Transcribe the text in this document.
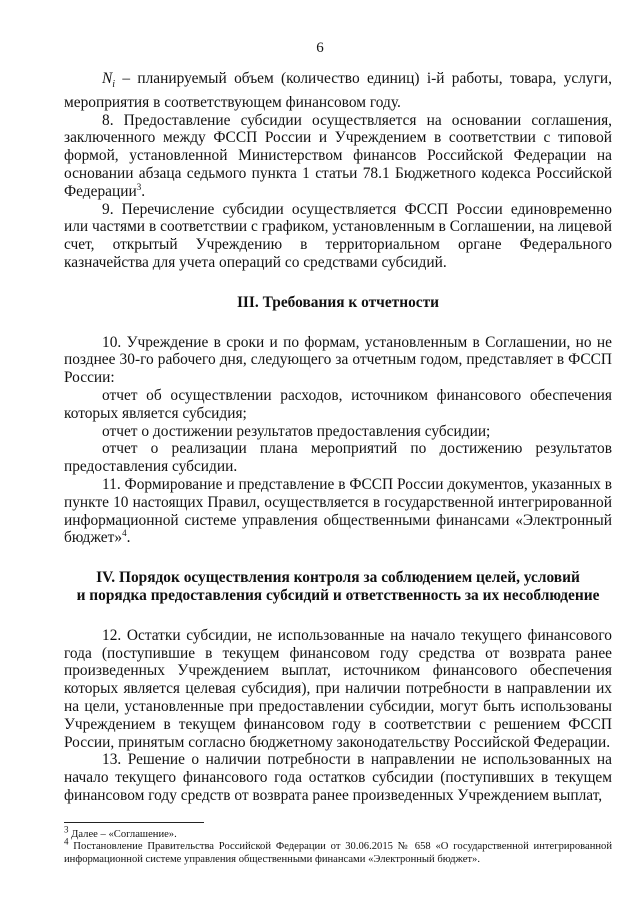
6

$N_i$ – планируемый объем (количество единиц) i-й работы, товара, услуги, мероприятия в соответствующем финансовом году.

8. Предоставление субсидии осуществляется на основании соглашения, заключенного между ФССП России и Учреждением в соответствии с типовой формой, установленной Министерством финансов Российской Федерации на основании абзаца седьмого пункта 1 статьи 78.1 Бюджетного кодекса Российской Федерации$^3$.

9. Перечисление субсидии осуществляется ФССП России единовременно или частями в соответствии с графиком, установленным в Соглашении, на лицевой счет, открытый Учреждению в территориальном органе Федерального казначейства для учета операций со средствами субсидий.

III. Требования к отчетности

10. Учреждение в сроки и по формам, установленным в Соглашении, но не позднее 30-го рабочего дня, следующего за отчетным годом, представляет в ФССП России:

отчет об осуществлении расходов, источником финансового обеспечения которых является субсидия;

отчет о достижении результатов предоставления субсидии;

отчет о реализации плана мероприятий по достижению результатов предоставления субсидии.

11. Формирование и представление в ФССП России документов, указанных в пункте 10 настоящих Правил, осуществляется в государственной интегрированной информационной системе управления общественными финансами «Электронный бюджет»$^4$.

IV. Порядок осуществления контроля за соблюдением целей, условий
и порядка предоставления субсидий и ответственность за их несоблюдение

12. Остатки субсидии, не использованные на начало текущего финансового года (поступившие в текущем финансовом году средства от возврата ранее произведенных Учреждением выплат, источником финансового обеспечения которых является целевая субсидия), при наличии потребности в направлении их на цели, установленные при предоставлении субсидии, могут быть использованы Учреждением в текущем финансовом году в соответствии с решением ФССП России, принятым согласно бюджетному законодательству Российской Федерации.

13. Решение о наличии потребности в направлении не использованных на начало текущего финансового года остатков субсидии (поступивших в текущем финансовом году средств от возврата ранее произведенных Учреждением выплат,

$^3$ Далее – «Соглашение».
$^4$ Постановление Правительства Российской Федерации от 30.06.2015 № 658 «О государственной интегрированной информационной системе управления общественными финансами «Электронный бюджет».
